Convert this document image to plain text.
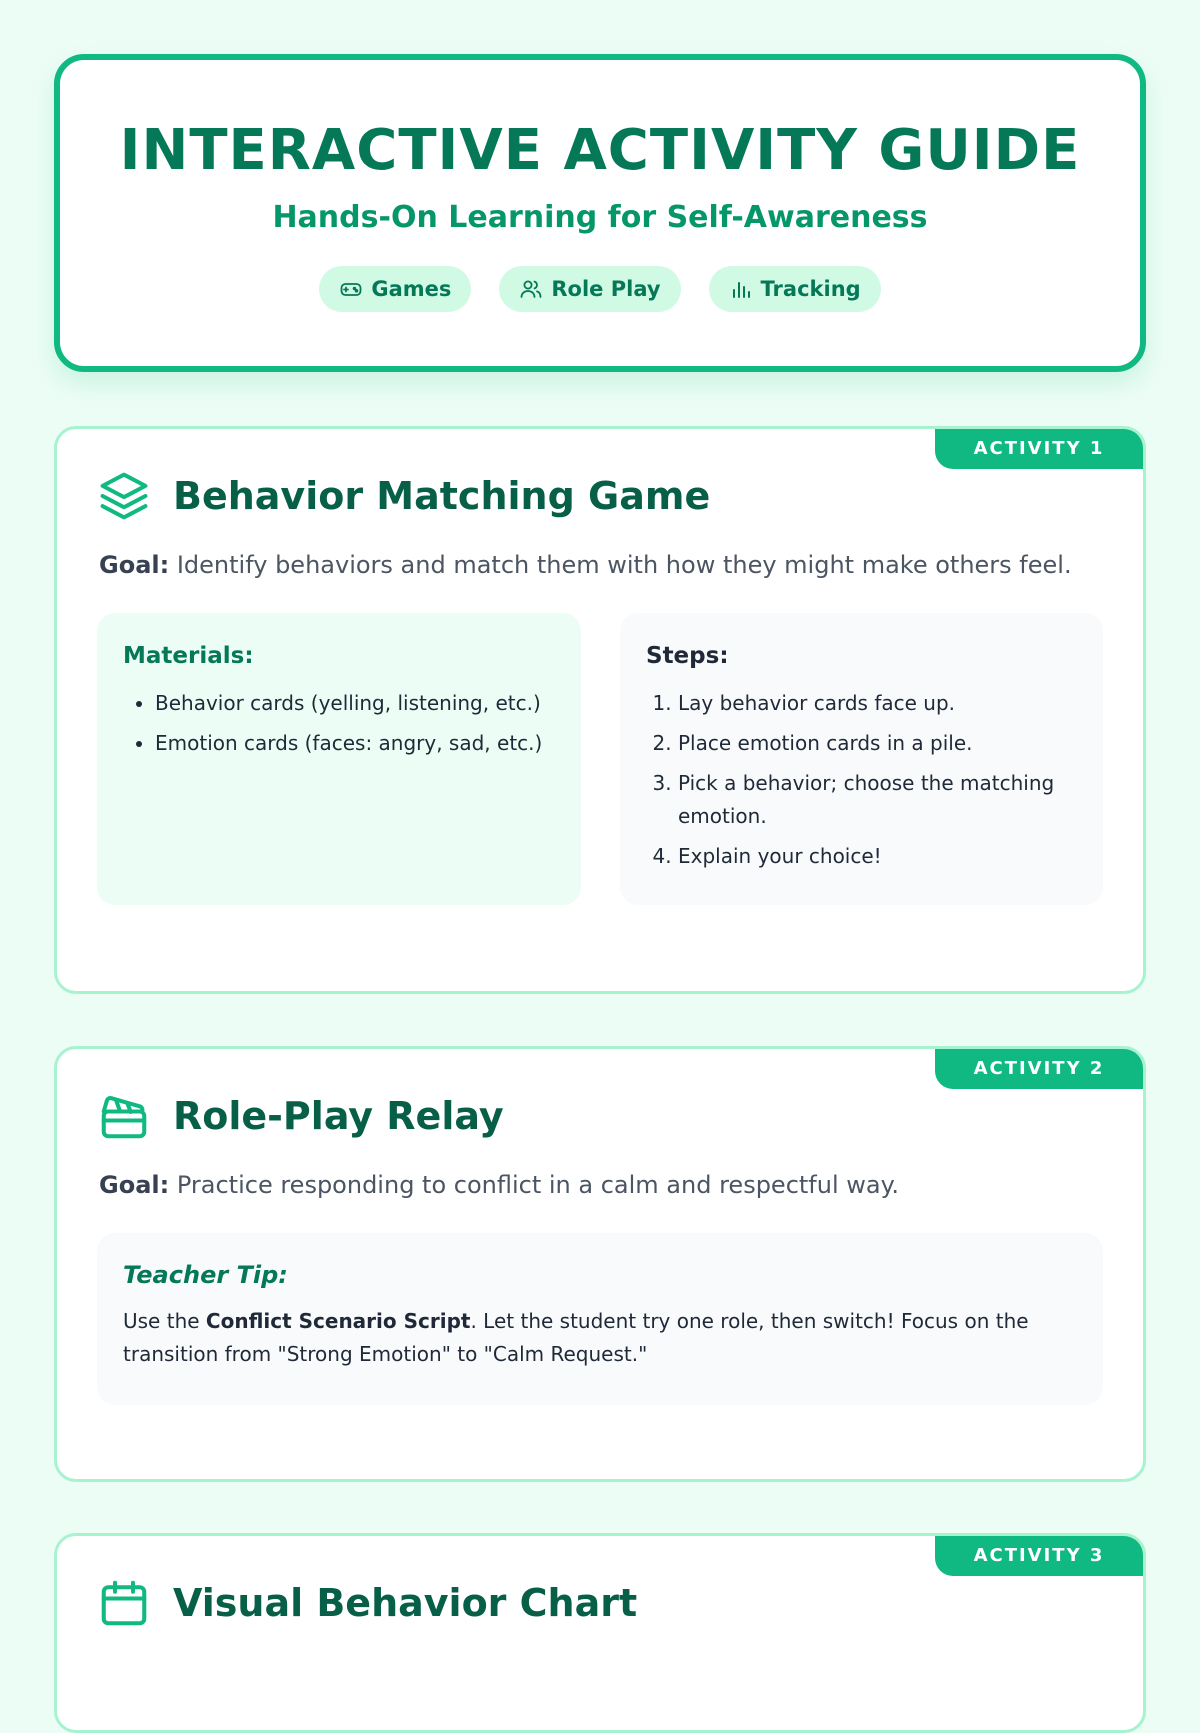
INTERACTIVE ACTIVITY GUIDE
Hands-On Learning for Self-Awareness
Games	Role Play	Tracking
ACTIVITY 1
Behavior Matching Game
Goal: Identify behaviors and match them with how they might make others feel.
Materials:
• Behavior cards (yelling, listening, etc.)
• Emotion cards (faces: angry, sad, etc.)
Steps:
1. Lay behavior cards face up.
2. Place emotion cards in a pile.
3. Pick a behavior; choose the matching emotion.
4. Explain your choice!
ACTIVITY 2
Role-Play Relay
Goal: Practice responding to conflict in a calm and respectful way.
Teacher Tip:
Use the Conflict Scenario Script. Let the student try one role, then switch! Focus on the transition from "Strong Emotion" to "Calm Request."
ACTIVITY 3
Visual Behavior Chart
